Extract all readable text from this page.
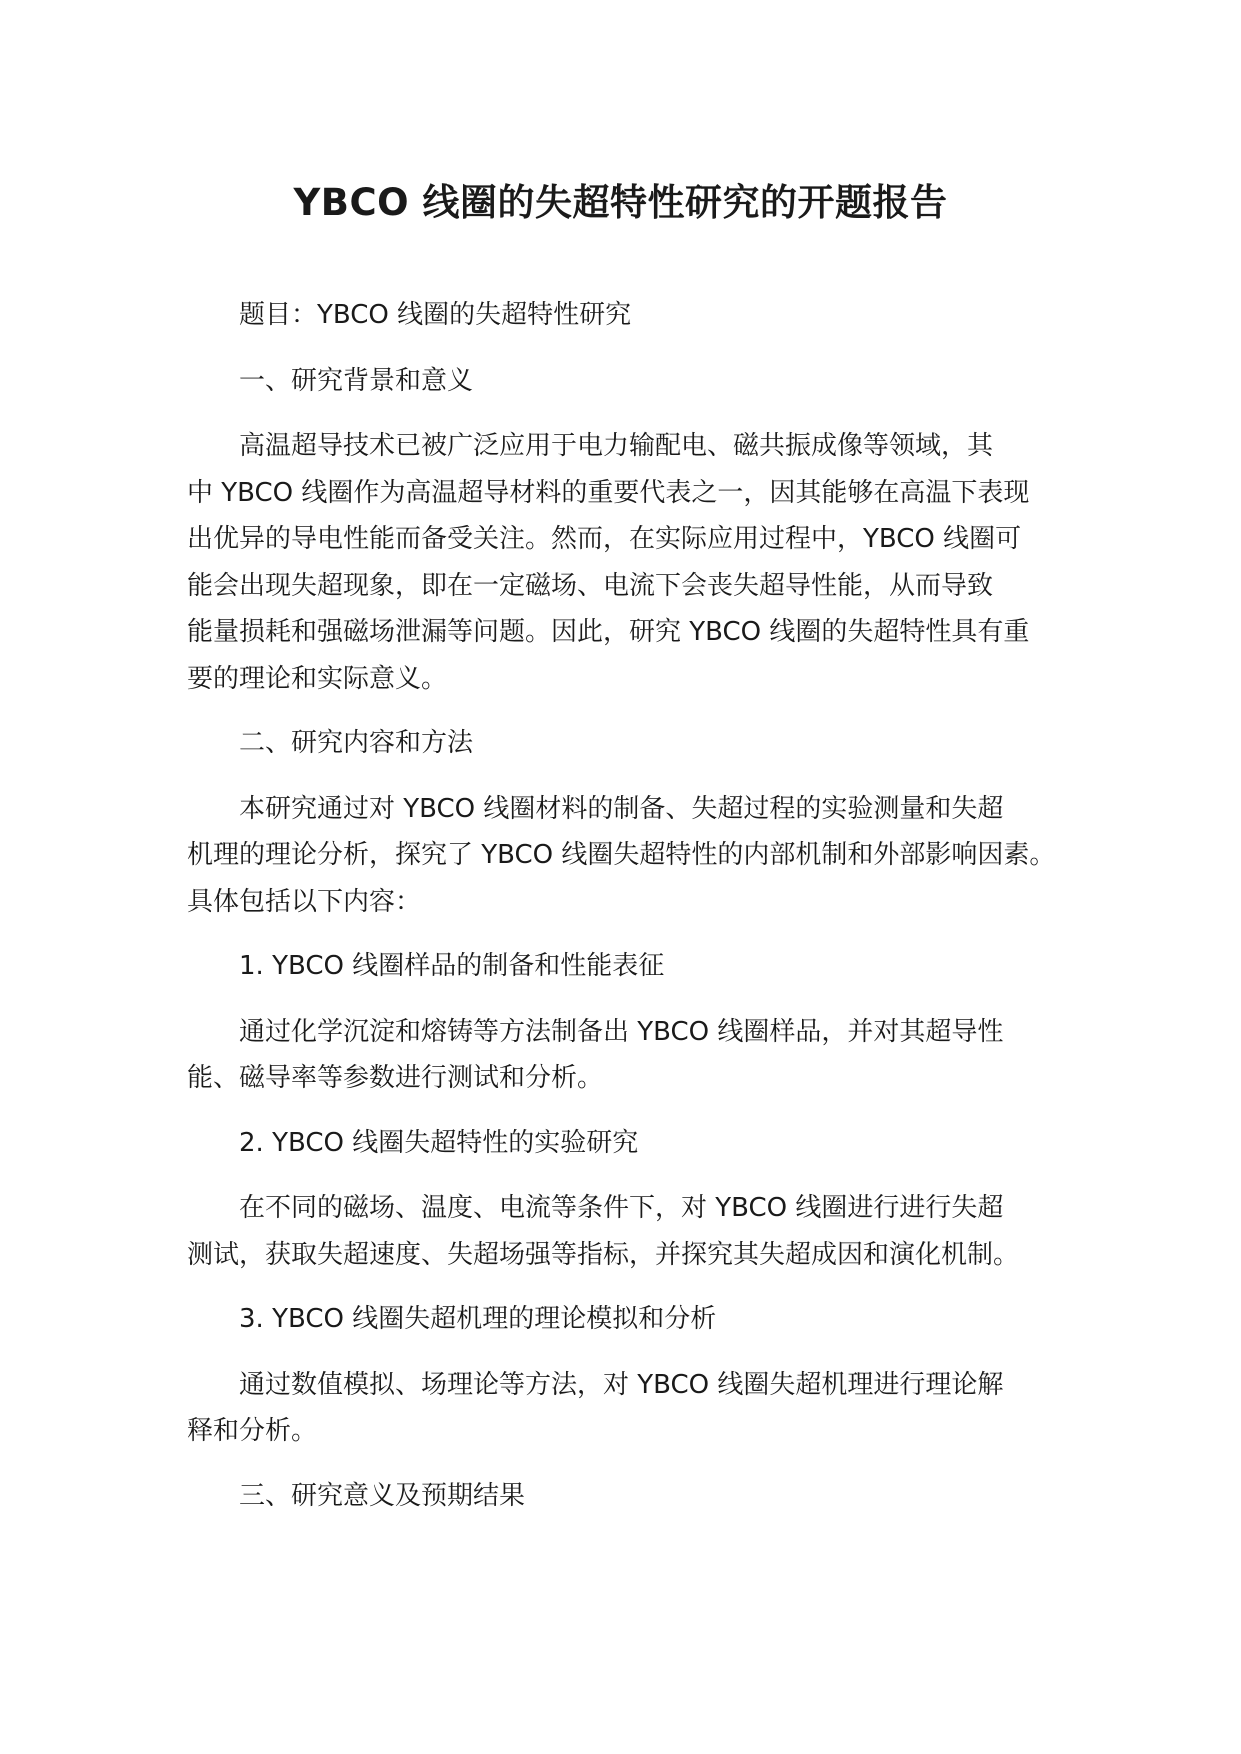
YBCO 线圈的失超特性研究的开题报告

题目：YBCO 线圈的失超特性研究

一、研究背景和意义

高温超导技术已被广泛应用于电力输配电、磁共振成像等领域，其
中 YBCO 线圈作为高温超导材料的重要代表之一，因其能够在高温下表现
出优异的导电性能而备受关注。然而，在实际应用过程中，YBCO 线圈可
能会出现失超现象，即在一定磁场、电流下会丧失超导性能，从而导致
能量损耗和强磁场泄漏等问题。因此，研究 YBCO 线圈的失超特性具有重
要的理论和实际意义。

二、研究内容和方法

本研究通过对 YBCO 线圈材料的制备、失超过程的实验测量和失超
机理的理论分析，探究了 YBCO 线圈失超特性的内部机制和外部影响因素。
具体包括以下内容：

1. YBCO 线圈样品的制备和性能表征

通过化学沉淀和熔铸等方法制备出 YBCO 线圈样品，并对其超导性
能、磁导率等参数进行测试和分析。

2. YBCO 线圈失超特性的实验研究

在不同的磁场、温度、电流等条件下，对 YBCO 线圈进行进行失超
测试，获取失超速度、失超场强等指标，并探究其失超成因和演化机制。

3. YBCO 线圈失超机理的理论模拟和分析

通过数值模拟、场理论等方法，对 YBCO 线圈失超机理进行理论解
释和分析。

三、研究意义及预期结果
